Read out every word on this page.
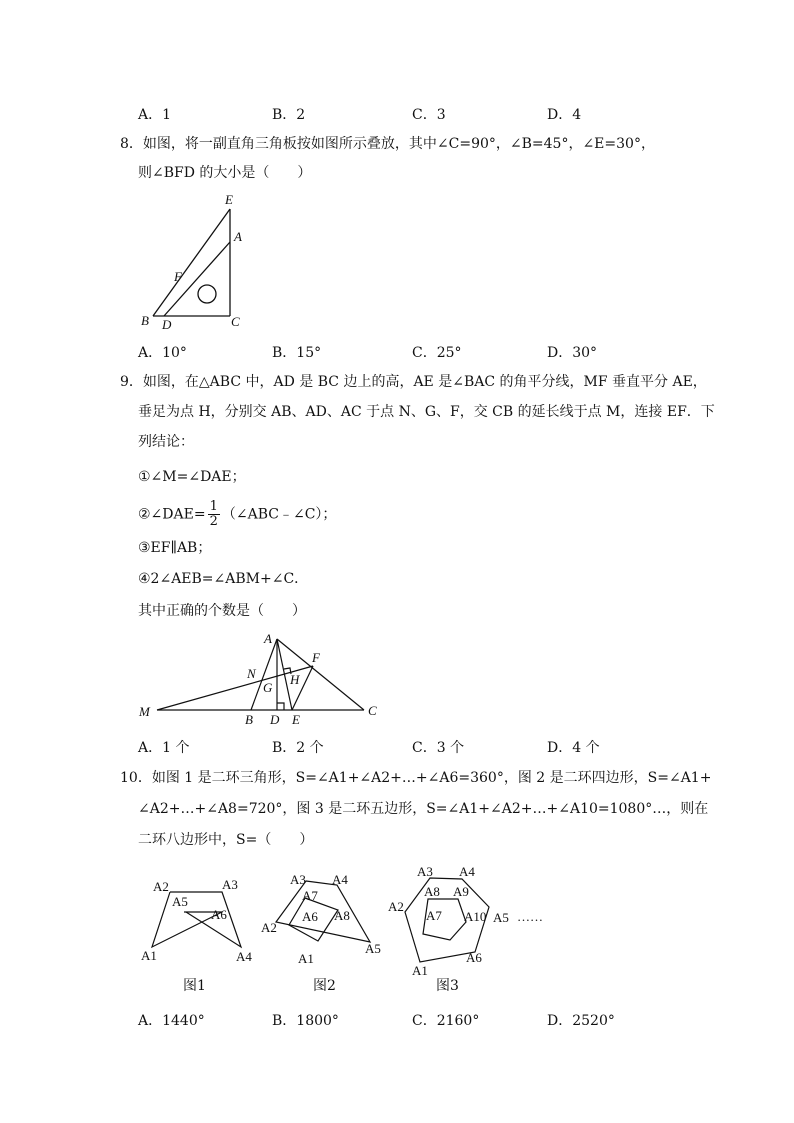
A．1	B．2	C．3	D．4
8．如图，将一副直角三角板按如图所示叠放，其中∠C=90°，∠B=45°，∠E=30°，
则∠BFD 的大小是（　　）
E
A
F
B D	C
A．10°	B．15°	C．25°	D．30°
9．如图，在△ABC 中，AD 是 BC 边上的高，AE 是∠BAC 的角平分线，MF 垂直平分 AE，
垂足为点 H，分别交 AB、AD、AC 于点 N、G、F，交 CB 的延长线于点 M，连接 EF．下
列结论：
①∠M=∠DAE；
②∠DAE= $\frac{1}{2}$ （∠ABC﹣∠C）；
③EF∥AB；
④2∠AEB=∠ABM+∠C．
其中正确的个数是（　　）
A
F
N	H
G
M
B D E
C
A．1 个	B．2 个	C．3 个	D．4 个
10．如图 1 是二环三角形，S=∠A1+∠A2+…+∠A6=360°，图 2 是二环四边形，S=∠A1+
∠A2+…+∠A8=720°，图 3 是二环五边形，S=∠A1+∠A2+…+∠A10=1080°…，则在
二环八边形中，S=（　　）
A2	A3
A5
A6
A1	A4
A3 A4
A7
A6 A8
A2
A5
A1
A3 A4
A8 A9
A2
A7 A10 A5
A6
A1
……
图1	图2	图3
A．1440°	B．1800°	C．2160°	D．2520°
